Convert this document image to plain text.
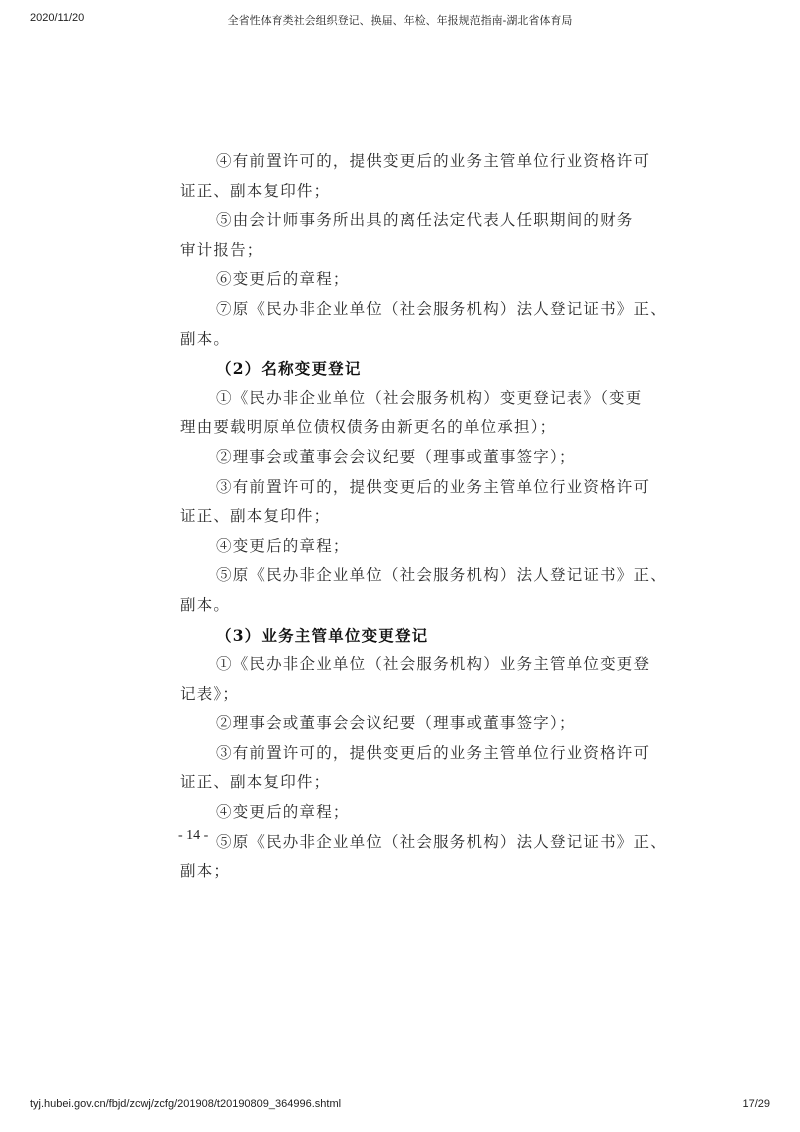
2020/11/20	全省性体育类社会组织登记、换届、年检、年报规范指南-湖北省体育局
④有前置许可的，提供变更后的业务主管单位行业资格许可
证正、副本复印件；
⑤由会计师事务所出具的离任法定代表人任职期间的财务
审计报告；
⑥变更后的章程；
⑦原《民办非企业单位（社会服务机构）法人登记证书》正、
副本。
（2）名称变更登记
①《民办非企业单位（社会服务机构）变更登记表》（变更
理由要载明原单位债权债务由新更名的单位承担）；
②理事会或董事会会议纪要（理事或董事签字）；
③有前置许可的，提供变更后的业务主管单位行业资格许可
证正、副本复印件；
④变更后的章程；
⑤原《民办非企业单位（社会服务机构）法人登记证书》正、
副本。
（3）业务主管单位变更登记
①《民办非企业单位（社会服务机构）业务主管单位变更登
记表》；
②理事会或董事会会议纪要（理事或董事签字）；
③有前置许可的，提供变更后的业务主管单位行业资格许可
证正、副本复印件；
④变更后的章程；
⑤原《民办非企业单位（社会服务机构）法人登记证书》正、
副本；
- 14 -
tyj.hubei.gov.cn/fbjd/zcwj/zcfg/201908/t20190809_364996.shtml	17/29
